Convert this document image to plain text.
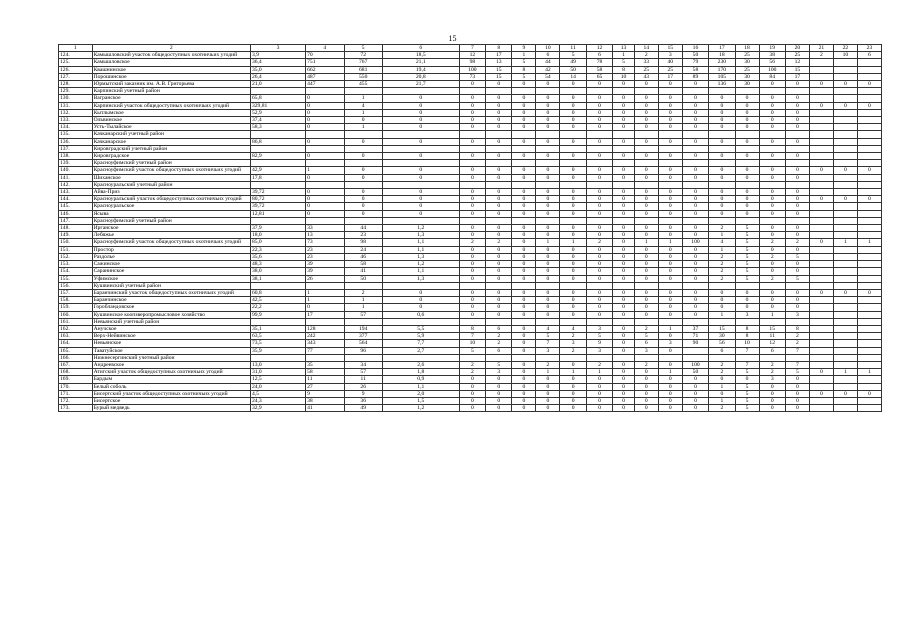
15
1	2	3	4	5	6	7	8	9	10	11	12	13	14	15	16	17	18	19	20	21	22	23
124.	Камышловский участок общедоступных охотничьих угодий	3,9	70	72	18,5	12	17	1	6	5	6	1	2	3	50	18	25	38	25	2	10	6
125.	Камышловское	36,4	751	767	21,1	98	13	5	44	49	78	5	33	40	79	230	30	56	12			
126.	Квашнинское	35,0	662	681	19,4	100	15	8	42	50	58	8	25	25	58	170	25	100	15			
127.	Порошинское	26,4	487	550	20,8	73	15	5	54	14	65	10	43	17	89	105	30	84	17			
128.	Юрмытский заказник им. А.В. Григорьева	21,0	447	455	21,7	0	0	0	0	0	0	0	0	0	0	136	30	0	0	0	0	0
129.	Карпинский учетный район																					
130.	Вагранское	65,8	0	1	0	0	0	0	0	0	0	0	0	0	0	0	0	0	0			
131.	Карпинский участок общедоступных охотничьих угодий	329,81	0	4	0	0	0	0	0	0	0	0	0	0	0	0	0	0	0	0	0	0
132.	Кытлымское	52,9	0	1	0	0	0	0	0	0	0	0	0	0	0	0	0	0	0			
133.	Ольвинское	37,4	0	0	0	0	0	0	0	0	0	0	0	0	0	0	0	0	0			
134.	Усть-Тылайское	58,3	0	1	0	0	0	0	0	0	0	0	0	0	0	0	0	0	0			
135.	Качканарский учетный район																					
136.	Качканарское	86,8	0	0	0	0	0	0	0	0	0	0	0	0	0	0	0	0	0			
137.	Кировградский учетный район																					
138.	Кировградское	82,9	0	0	0	0	0	0	0	0	0	0	0	0	0	0	0	0	0			
139.	Красноуфимский учетный район																					
140.	Красноуфимский участок общедоступных охотничьих угодий	42,9	1	0	0	0	0	0	0	0	0	0	0	0	0	0	0	0	0	0	0	0
141.	Шиханское	17,8	0	0	0	0	0	0	0	0	0	0	0	0	0	0	0	0	0			
142.	Красноуральский учетный район																					
143.	Айва-Приз	39,72	0	0	0	0	0	0	0	0	0	0	0	0	0	0	0	0	0			
144.	Красноуральский участок общедоступных охотничьих угодий	80,72	0	0	0	0	0	0	0	0	0	0	0	0	0	0	0	0	0	0	0	0
145.	Красноуральское	39,72	0	0	0	0	0	0	0	0	0	0	0	0	0	0	0	0	0			
146.	Ясыва	12,81	0	0	0	0	0	0	0	0	0	0	0	0	0	0	0	0	0			
147.	Красноуфимский учетный район																					
148.	Ирганское	37,9	33	44	1,2	0	0	0	0	0	0	0	0	0	0	2	5	0	0			
149.	Лебяжье	18,0	13	23	1,3	0	0	0	0	0	0	0	0	0	0	1	5	0	0			
150.	Красноуфимский участок общедоступных охотничьих угодий	85,0	73	98	1,1	2	2	0	1	1	2	0	1	1	100	4	5	2	2	0	1	1
151.	Простор	22,3	23	24	1,1	0	0	0	0	0	0	0	0	0	0	1	5	0	0			
152.	Раздолье	35,6	23	46	1,3	0	0	0	0	0	0	0	0	0	0	2	5	2	5			
153.	Сажинское	48,3	39	58	1,2	0	0	0	0	0	0	0	0	0	0	2	5	0	0			
154.	Саранинское	38,0	39	41	1,1	0	0	0	0	0	0	0	0	0	0	2	5	0	0			
155.	Уфимское	38,1	26	50	1,3	0	0	0	0	0	0	0	0	0	0	2	5	2	5			
156.	Кушвинский учетный район																					
157.	Баранчинский участок общедоступных охотничьих угодий	60,8	1	2	0	0	0	0	0	0	0	0	0	0	0	0	0	0	0	0	0	0
158.	Баранчинское	42,5	1	1	0	0	0	0	0	0	0	0	0	0	0	0	0	0	0			
159.	Горобландовское	22,2	0	1	0	0	0	0	0	0	0	0	0	0	0	0	0	0	0			
160.	Кушвинское коопзверопромысловое хозяйство	99,9	17	57	0,6	0	0	0	0	0	0	0	0	0	0	1	3	1	3			
161.	Невьянский учетный район																					
162.	Анучское	35,1	128	194	5,5	8	6	0	4	4	3	0	2	1	37	15	8	15	8			
163.	Верх-Нейвинское	63,5	242	377	5,9	7	2	0	5	2	5	0	5	0	71	30	8	11	2			
164.	Невьянское	73,5	343	564	7,7	10	2	0	7	3	9	0	6	3	90	56	10	12	2			
165.	Таватуйское	35,9	77	96	2,7	5	6	0	3	2	3	0	3	0		6	7	6	7			
166.	Нижнесергинский учетный район																					
167.	Андреевское	13,0	35	34	2,6	2	5	0	2	0	2	0	2	0	100	2	7	2	7			
168.	Атигский участок общедоступных охотничьих угодий	31,0	58	57	1,8	2	3	0	1	1	1	0	0	1	50	2	5	2	5	0	1	1
169.	Бардым	12,5	11	11	0,9	0	0	0	0	0	0	0	0	0	0	0	0	3	0			
170.	Белый соболь	24,0	27	26	1,1	0	0	0	0	0	0	0	0	0	0	1	5	0	0			
171.	Бисертский участок общедоступных охотничьих угодий	4,5	9	9	2,0	0	0	0	0	0	0	0	0	0	0	0	5	0	0	0	0	0
172.	Бисертское	24,3	38	36	1,5	0	0	0	0	0	0	0	0	0	0	1	5	0	0			
173.	Бурый медведь	32,9	41	49	1,2	0	0	0	0	0	0	0	0	0	0	2	5	0	0			
